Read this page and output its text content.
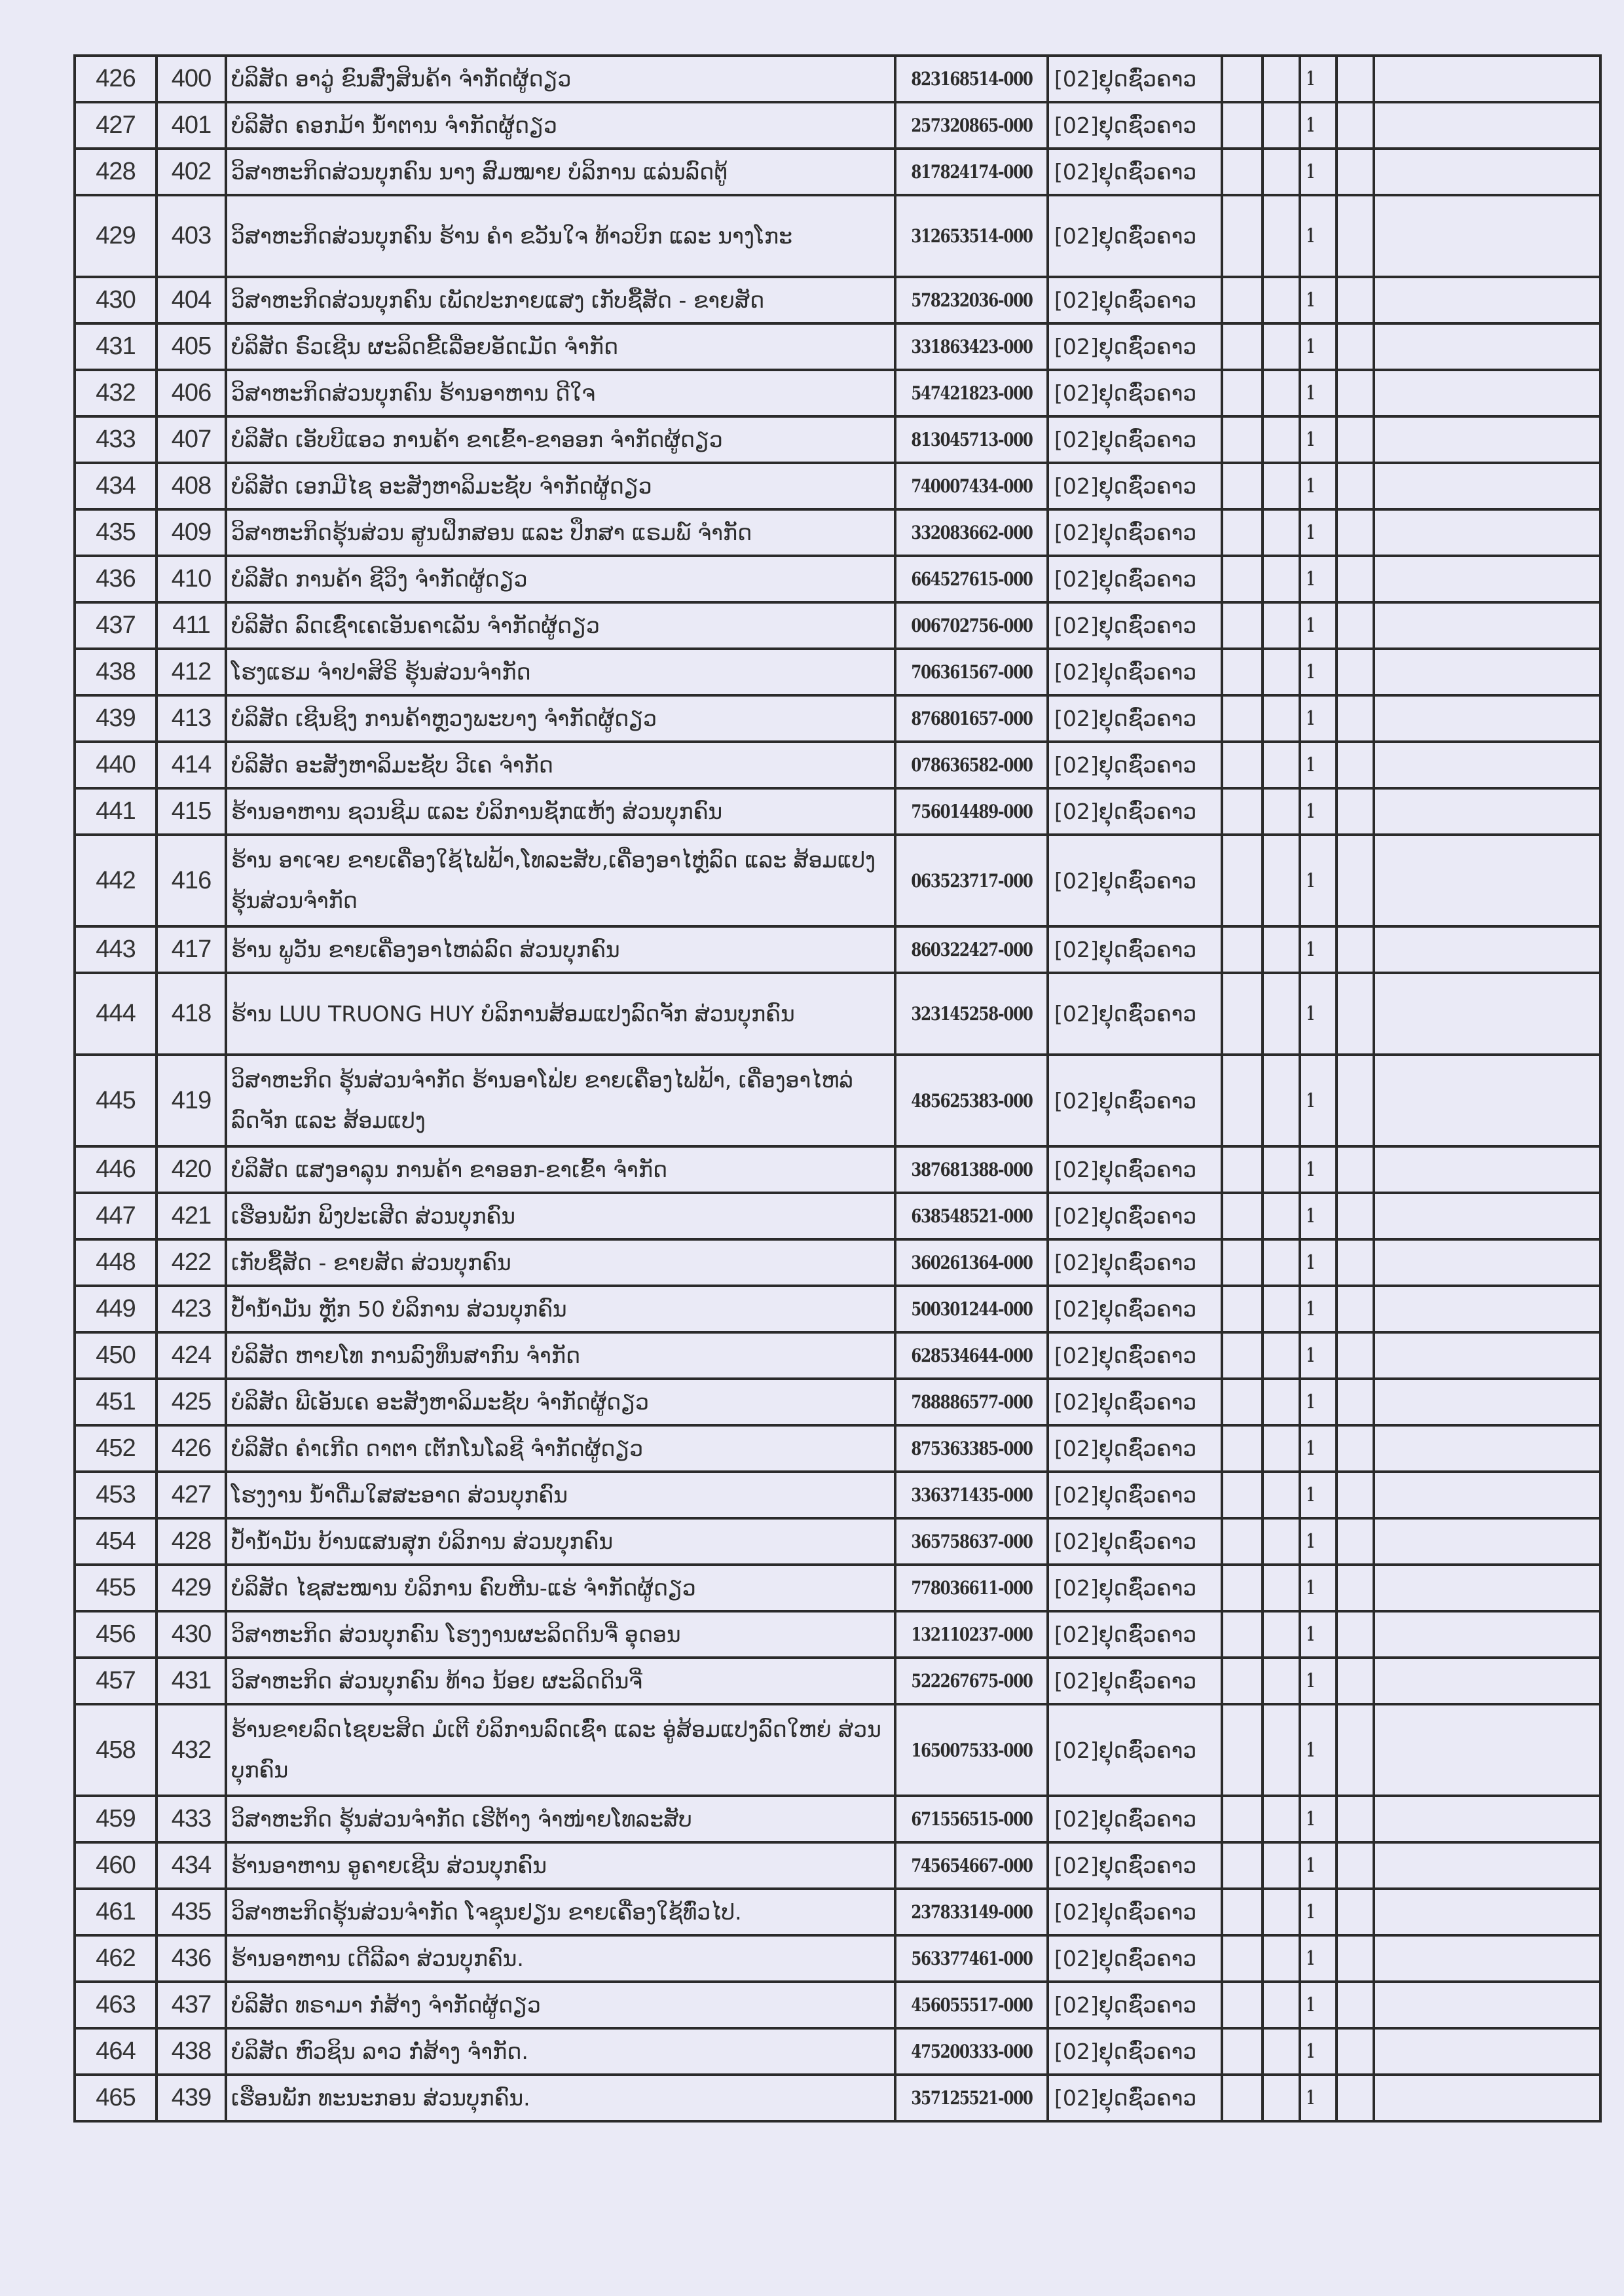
426	400	ບໍລິສັດ ອາວູ່ ຂົນສົ່ງສິນຄ້າ ຈຳກັດຜູ້ດຽວ	823168514-000	[02]ຢຸດຊົ່ວຄາວ			1		
427	401	ບໍລິສັດ ຄອກມ້າ ນ້ຳຕານ ຈຳກັດຜູ້ດຽວ	257320865-000	[02]ຢຸດຊົ່ວຄາວ			1		
428	402	ວິສາຫະກິດສ່ວນບຸກຄົນ ນາງ ສົມໝາຍ ບໍລິການ ແລ່ນລົດຕູ້	817824174-000	[02]ຢຸດຊົ່ວຄາວ			1		
429	403	ວິສາຫະກິດສ່ວນບຸກຄົນ ຮ້ານ ຄຳ ຂວັນໃຈ ທ້າວບິກ ແລະ ນາງໂກະ	312653514-000	[02]ຢຸດຊົ່ວຄາວ			1		
430	404	ວິສາຫະກິດສ່ວນບຸກຄົນ ເພັດປະກາຍແສງ ເກັບຊື້ສັດ - ຂາຍສັດ	578232036-000	[02]ຢຸດຊົ່ວຄາວ			1		
431	405	ບໍລິສັດ ຣົວເຊີນ ຜະລິດຂີ້ເລື່ອຍອັດເມັດ ຈຳກັດ	331863423-000	[02]ຢຸດຊົ່ວຄາວ			1		
432	406	ວິສາຫະກິດສ່ວນບຸກຄົນ ຮ້ານອາຫານ ດີໃຈ	547421823-000	[02]ຢຸດຊົ່ວຄາວ			1		
433	407	ບໍລິສັດ ເອັບບີແອວ ການຄ້າ ຂາເຂົ້າ-ຂາອອກ ຈຳກັດຜູ້ດຽວ	813045713-000	[02]ຢຸດຊົ່ວຄາວ			1		
434	408	ບໍລິສັດ ເອກມີໄຊ ອະສັງຫາລິມະຊັບ ຈຳກັດຜູ້ດຽວ	740007434-000	[02]ຢຸດຊົ່ວຄາວ			1		
435	409	ວິສາຫະກິດຮຸ້ນສ່ວນ ສູນຝຶກສອນ ແລະ ປຶກສາ ແຣມພ໌ ຈຳກັດ	332083662-000	[02]ຢຸດຊົ່ວຄາວ			1		
436	410	ບໍລິສັດ ການຄ້າ ຊີວິງ ຈຳກັດຜູ້ດຽວ	664527615-000	[02]ຢຸດຊົ່ວຄາວ			1		
437	411	ບໍລິສັດ ລົດເຊົ່າເຄເອັນຄາເລັນ ຈຳກັດຜູ້ດຽວ	006702756-000	[02]ຢຸດຊົ່ວຄາວ			1		
438	412	ໂຮງແຮມ ຈຳປາສິຣິ ຮຸ້ນສ່ວນຈຳກັດ	706361567-000	[02]ຢຸດຊົ່ວຄາວ			1		
439	413	ບໍລິສັດ ເຊີນຊິງ ການຄ້າຫຼວງພະບາງ ຈຳກັດຜູ້ດຽວ	876801657-000	[02]ຢຸດຊົ່ວຄາວ			1		
440	414	ບໍລິສັດ ອະສັງຫາລິມະຊັບ ວີເຄ ຈຳກັດ	078636582-000	[02]ຢຸດຊົ່ວຄາວ			1		
441	415	ຮ້ານອາຫານ ຊວນຊີມ ແລະ ບໍລິການຊັກແຫ້ງ ສ່ວນບຸກຄົນ	756014489-000	[02]ຢຸດຊົ່ວຄາວ			1		
442	416	ຮ້ານ ອາເຈຍ ຂາຍເຄື່ອງໃຊ້ໄຟຟ້າ,ໂທລະສັບ,ເຄື່ອງອາໄຫຼ່ລົດ ແລະ ສ້ອມແປງ ຮຸ້ນສ່ວນຈຳກັດ	063523717-000	[02]ຢຸດຊົ່ວຄາວ			1		
443	417	ຮ້ານ ພູວັນ ຂາຍເຄື່ອງອາໄຫລ່ລົດ ສ່ວນບຸກຄົນ	860322427-000	[02]ຢຸດຊົ່ວຄາວ			1		
444	418	ຮ້ານ LUU TRUONG HUY ບໍລິການສ້ອມແປງລົດຈັກ ສ່ວນບຸກຄົນ	323145258-000	[02]ຢຸດຊົ່ວຄາວ			1		
445	419	ວິສາຫະກິດ ຮຸ້ນສ່ວນຈຳກັດ ຮ້ານອາໂຟ່ຍ ຂາຍເຄື່ອງໄຟຟ້າ, ເຄື່ອງອາໄຫລ່ລົດຈັກ ແລະ ສ້ອມແປງ	485625383-000	[02]ຢຸດຊົ່ວຄາວ			1		
446	420	ບໍລິສັດ ແສງອາລຸນ ການຄ້າ ຂາອອກ-ຂາເຂົ້າ ຈຳກັດ	387681388-000	[02]ຢຸດຊົ່ວຄາວ			1		
447	421	ເຮືອນພັກ ພິງປະເສີດ ສ່ວນບຸກຄົນ	638548521-000	[02]ຢຸດຊົ່ວຄາວ			1		
448	422	ເກັບຊື້ສັດ - ຂາຍສັດ ສ່ວນບຸກຄົນ	360261364-000	[02]ຢຸດຊົ່ວຄາວ			1		
449	423	ປ້ຳນ້ຳມັນ ຫຼັກ 50 ບໍລິການ ສ່ວນບຸກຄົນ	500301244-000	[02]ຢຸດຊົ່ວຄາວ			1		
450	424	ບໍລິສັດ ຫາຍໂທ ການລົງທຶນສາກົນ ຈຳກັດ	628534644-000	[02]ຢຸດຊົ່ວຄາວ			1		
451	425	ບໍລິສັດ ພີເອັນເຄ ອະສັງຫາລິມະຊັບ ຈຳກັດຜູ້ດຽວ	788886577-000	[02]ຢຸດຊົ່ວຄາວ			1		
452	426	ບໍລິສັດ ຄຳເກີດ ດາຕາ ເຕັກໂນໂລຊີ ຈຳກັດຜູ້ດຽວ	875363385-000	[02]ຢຸດຊົ່ວຄາວ			1		
453	427	ໂຮງງານ ນ້ຳດື່ມໃສສະອາດ ສ່ວນບຸກຄົນ	336371435-000	[02]ຢຸດຊົ່ວຄາວ			1		
454	428	ປ້ຳນ້ຳມັນ ບ້ານແສນສຸກ ບໍລິການ ສ່ວນບຸກຄົນ	365758637-000	[02]ຢຸດຊົ່ວຄາວ			1		
455	429	ບໍລິສັດ ໄຊສະໝານ ບໍລິການ ຄົບຫີນ-ແຮ່ ຈຳກັດຜູ້ດຽວ	778036611-000	[02]ຢຸດຊົ່ວຄາວ			1		
456	430	ວິສາຫະກິດ ສ່ວນບຸກຄົນ ໂຮງງານຜະລິດດິນຈີ່ ອຸດອນ	132110237-000	[02]ຢຸດຊົ່ວຄາວ			1		
457	431	ວິສາຫະກິດ ສ່ວນບຸກຄົນ ທ້າວ ນ້ອຍ ຜະລິດດິນຈີ່	522267675-000	[02]ຢຸດຊົ່ວຄາວ			1		
458	432	ຮ້ານຂາຍລົດໄຊຍະສິດ ມໍເຕີ ບໍລິການລົດເຊົ່າ ແລະ ອູ່ສ້ອມແປງລົດໃຫຍ່ ສ່ວນບຸກຄົນ	165007533-000	[02]ຢຸດຊົ່ວຄາວ			1		
459	433	ວິສາຫະກິດ ຮຸ້ນສ່ວນຈຳກັດ ເຮີຕ້າງ ຈຳໜ່າຍໂທລະສັບ	671556515-000	[02]ຢຸດຊົ່ວຄາວ			1		
460	434	ຮ້ານອາຫານ ອູຄາຍເຊີນ ສ່ວນບຸກຄົນ	745654667-000	[02]ຢຸດຊົ່ວຄາວ			1		
461	435	ວິສາຫະກິດຮຸ້ນສ່ວນຈຳກັດ ໂຈຊຸນຢຽນ ຂາຍເຄື່ອງໃຊ້ທົ່ວໄປ.	237833149-000	[02]ຢຸດຊົ່ວຄາວ			1		
462	436	ຮ້ານອາຫານ ເດີລີລາ ສ່ວນບຸກຄົນ.	563377461-000	[02]ຢຸດຊົ່ວຄາວ			1		
463	437	ບໍລິສັດ ທຣາມາ ກໍ່ສ້າງ ຈຳກັດຜູ້ດຽວ	456055517-000	[02]ຢຸດຊົ່ວຄາວ			1		
464	438	ບໍລິສັດ ຫົວຊິນ ລາວ ກໍ່ສ້າງ ຈຳກັດ.	475200333-000	[02]ຢຸດຊົ່ວຄາວ			1		
465	439	ເຮືອນພັກ ທະນະກອນ ສ່ວນບຸກຄົນ.	357125521-000	[02]ຢຸດຊົ່ວຄາວ			1		
